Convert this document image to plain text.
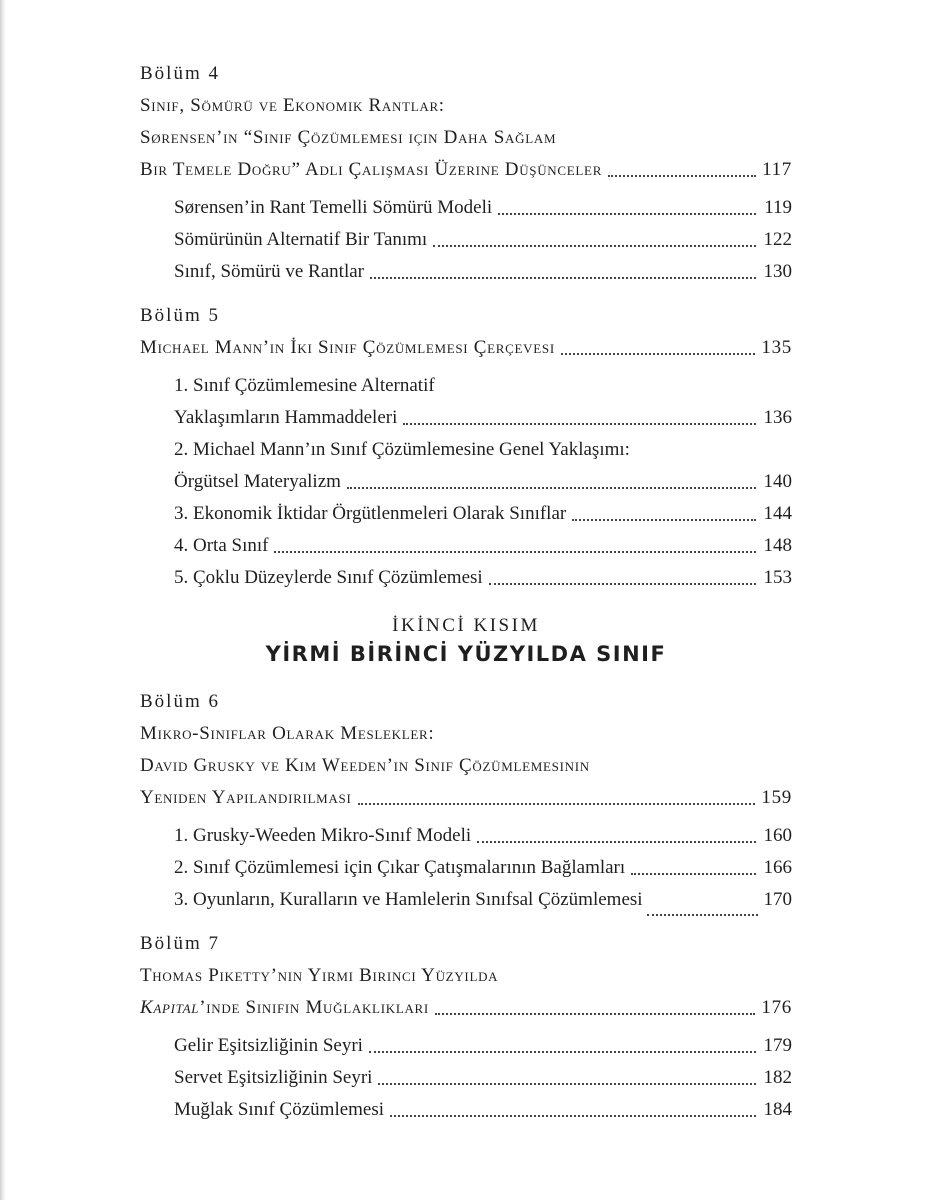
Bölüm 4
Sınıf, Sömürü ve Ekonomik Rantlar:
Sørensen’in “Sınıf Çözümlemesi için Daha Sağlam
Bir Temele Doğru” Adlı Çalışması Üzerine Düşünceler	117
Sørensen’in Rant Temelli Sömürü Modeli	119
Sömürünün Alternatif Bir Tanımı	122
Sınıf, Sömürü ve Rantlar	130
Bölüm 5
Michael Mann’ın İki Sınıf Çözümlemesi Çerçevesi	135
1. Sınıf Çözümlemesine Alternatif
Yaklaşımların Hammaddeleri	136
2. Michael Mann’ın Sınıf Çözümlemesine Genel Yaklaşımı:
Örgütsel Materyalizm	140
3. Ekonomik İktidar Örgütlenmeleri Olarak Sınıflar	144
4. Orta Sınıf	148
5. Çoklu Düzeylerde Sınıf Çözümlemesi	153
İKİNCİ KISIM
YİRMİ BİRİNCİ YÜZYILDA SINIF
Bölüm 6
Mikro-Sınıflar Olarak Meslekler:
David Grusky ve Kim Weeden’ın Sınıf Çözümlemesinin
Yeniden Yapılandırılması	159
1. Grusky-Weeden Mikro-Sınıf Modeli	160
2. Sınıf Çözümlemesi için Çıkar Çatışmalarının Bağlamları	166
3. Oyunların, Kuralların ve Hamlelerin Sınıfsal Çözümlemesi	170
Bölüm 7
Thomas Piketty’nin Yirmi Birinci Yüzyılda
Kapital’inde Sınıfın Muğlaklıkları	176
Gelir Eşitsizliğinin Seyri	179
Servet Eşitsizliğinin Seyri	182
Muğlak Sınıf Çözümlemesi	184
